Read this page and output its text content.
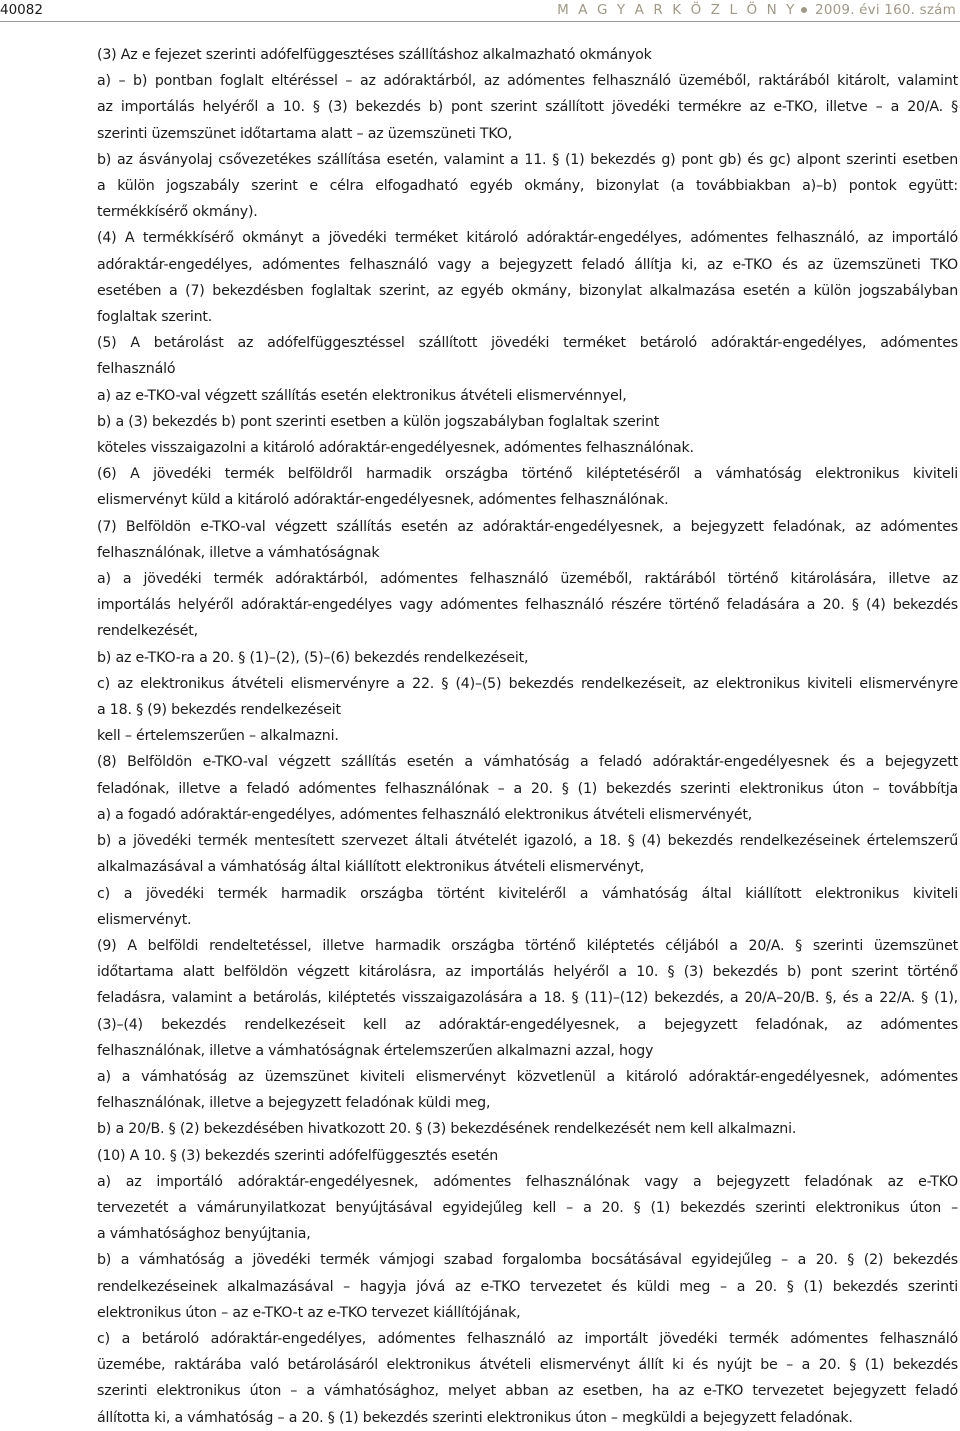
40082	M A G Y A R K Ö Z L Ö N Y 2009. évi 160. szám
(3) Az e fejezet szerinti adófelfüggesztéses szállításhoz alkalmazható okmányok
a) – b) pontban foglalt eltéréssel – az adóraktárból, az adómentes felhasználó üzeméből, raktárából kitárolt, valamint
az importálás helyéről a 10. § (3) bekezdés b) pont szerint szállított jövedéki termékre az e-TKO, illetve – a 20/A. §
szerinti üzemszünet időtartama alatt – az üzemszüneti TKO,
b) az ásványolaj csővezetékes szállítása esetén, valamint a 11. § (1) bekezdés g) pont gb) és gc) alpont szerinti esetben
a külön jogszabály szerint e célra elfogadható egyéb okmány, bizonylat (a továbbiakban a)–b) pontok együtt:
termékkísérő okmány).
(4) A termékkísérő okmányt a jövedéki terméket kitároló adóraktár-engedélyes, adómentes felhasználó, az importáló
adóraktár-engedélyes, adómentes felhasználó vagy a bejegyzett feladó állítja ki, az e-TKO és az üzemszüneti TKO
esetében a (7) bekezdésben foglaltak szerint, az egyéb okmány, bizonylat alkalmazása esetén a külön jogszabályban
foglaltak szerint.
(5) A betárolást az adófelfüggesztéssel szállított jövedéki terméket betároló adóraktár-engedélyes, adómentes
felhasználó
a) az e-TKO-val végzett szállítás esetén elektronikus átvételi elismervénnyel,
b) a (3) bekezdés b) pont szerinti esetben a külön jogszabályban foglaltak szerint
köteles visszaigazolni a kitároló adóraktár-engedélyesnek, adómentes felhasználónak.
(6) A jövedéki termék belföldről harmadik országba történő kiléptetéséről a vámhatóság elektronikus kiviteli
elismervényt küld a kitároló adóraktár-engedélyesnek, adómentes felhasználónak.
(7) Belföldön e-TKO-val végzett szállítás esetén az adóraktár-engedélyesnek, a bejegyzett feladónak, az adómentes
felhasználónak, illetve a vámhatóságnak
a) a jövedéki termék adóraktárból, adómentes felhasználó üzeméből, raktárából történő kitárolására, illetve az
importálás helyéről adóraktár-engedélyes vagy adómentes felhasználó részére történő feladására a 20. § (4) bekezdés
rendelkezését,
b) az e-TKO-ra a 20. § (1)–(2), (5)–(6) bekezdés rendelkezéseit,
c) az elektronikus átvételi elismervényre a 22. § (4)–(5) bekezdés rendelkezéseit, az elektronikus kiviteli elismervényre
a 18. § (9) bekezdés rendelkezéseit
kell – értelemszerűen – alkalmazni.
(8) Belföldön e-TKO-val végzett szállítás esetén a vámhatóság a feladó adóraktár-engedélyesnek és a bejegyzett
feladónak, illetve a feladó adómentes felhasználónak – a 20. § (1) bekezdés szerinti elektronikus úton – továbbítja
a) a fogadó adóraktár-engedélyes, adómentes felhasználó elektronikus átvételi elismervényét,
b) a jövedéki termék mentesített szervezet általi átvételét igazoló, a 18. § (4) bekezdés rendelkezéseinek értelemszerű
alkalmazásával a vámhatóság által kiállított elektronikus átvételi elismervényt,
c) a jövedéki termék harmadik országba történt kiviteléről a vámhatóság által kiállított elektronikus kiviteli
elismervényt.
(9) A belföldi rendeltetéssel, illetve harmadik országba történő kiléptetés céljából a 20/A. § szerinti üzemszünet
időtartama alatt belföldön végzett kitárolásra, az importálás helyéről a 10. § (3) bekezdés b) pont szerint történő
feladásra, valamint a betárolás, kiléptetés visszaigazolására a 18. § (11)–(12) bekezdés, a 20/A–20/B. §, és a 22/A. § (1),
(3)–(4) bekezdés rendelkezéseit kell az adóraktár-engedélyesnek, a bejegyzett feladónak, az adómentes
felhasználónak, illetve a vámhatóságnak értelemszerűen alkalmazni azzal, hogy
a) a vámhatóság az üzemszünet kiviteli elismervényt közvetlenül a kitároló adóraktár-engedélyesnek, adómentes
felhasználónak, illetve a bejegyzett feladónak küldi meg,
b) a 20/B. § (2) bekezdésében hivatkozott 20. § (3) bekezdésének rendelkezését nem kell alkalmazni.
(10) A 10. § (3) bekezdés szerinti adófelfüggesztés esetén
a) az importáló adóraktár-engedélyesnek, adómentes felhasználónak vagy a bejegyzett feladónak az e-TKO
tervezetét a vámárunyilatkozat benyújtásával egyidejűleg kell – a 20. § (1) bekezdés szerinti elektronikus úton –
a vámhatósághoz benyújtania,
b) a vámhatóság a jövedéki termék vámjogi szabad forgalomba bocsátásával egyidejűleg – a 20. § (2) bekezdés
rendelkezéseinek alkalmazásával – hagyja jóvá az e-TKO tervezetet és küldi meg – a 20. § (1) bekezdés szerinti
elektronikus úton – az e-TKO-t az e-TKO tervezet kiállítójának,
c) a betároló adóraktár-engedélyes, adómentes felhasználó az importált jövedéki termék adómentes felhasználó
üzemébe, raktárába való betárolásáról elektronikus átvételi elismervényt állít ki és nyújt be – a 20. § (1) bekezdés
szerinti elektronikus úton – a vámhatósághoz, melyet abban az esetben, ha az e-TKO tervezetet bejegyzett feladó
állította ki, a vámhatóság – a 20. § (1) bekezdés szerinti elektronikus úton – megküldi a bejegyzett feladónak.
